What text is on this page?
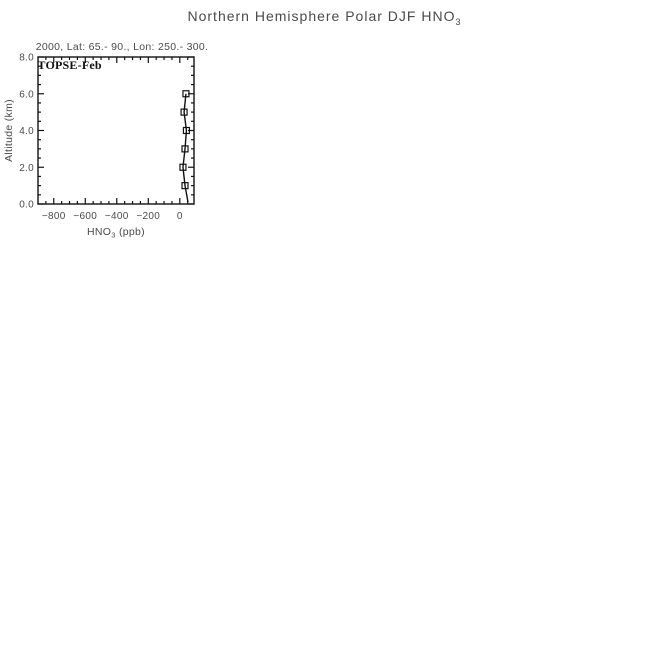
Northern Hemisphere Polar DJF $HNO_3$
−800 −600 −400 −200 0
0.0
2.0
4.0
6.0
8.0
2000, Lat: 65.- 90., Lon: 250.- 300.
TOPSE-Feb
Altitude (km)
$HNO_3$ (ppb)
